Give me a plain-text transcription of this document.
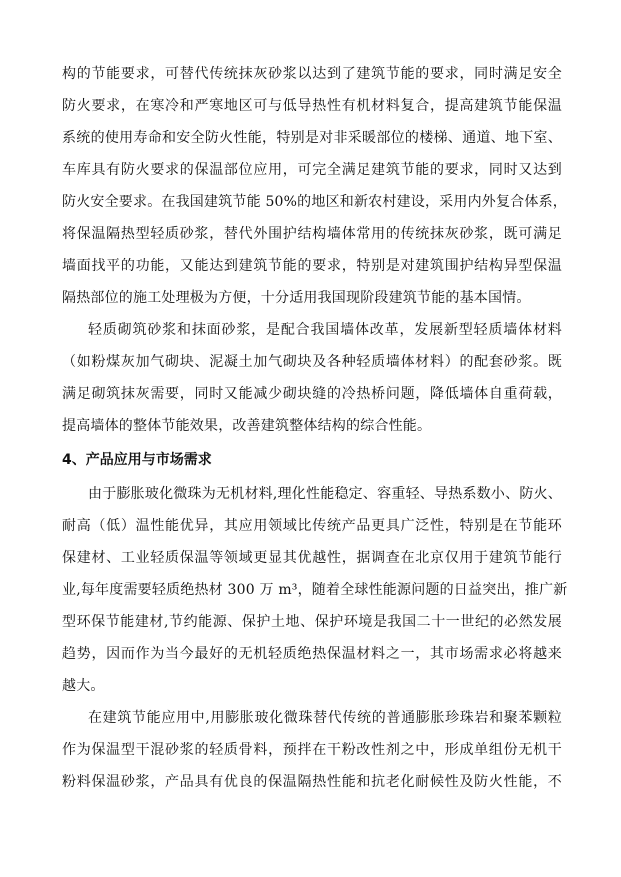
构的节能要求，可替代传统抹灰砂浆以达到了建筑节能的要求，同时满足安全
防火要求，在寒冷和严寒地区可与低导热性有机材料复合，提高建筑节能保温
系统的使用寿命和安全防火性能，特别是对非采暖部位的楼梯、通道、地下室、
车库具有防火要求的保温部位应用，可完全满足建筑节能的要求，同时又达到
防火安全要求。在我国建筑节能 50%的地区和新农村建设，采用内外复合体系，
将保温隔热型轻质砂浆，替代外围护结构墙体常用的传统抹灰砂浆，既可满足
墙面找平的功能，又能达到建筑节能的要求，特别是对建筑围护结构异型保温
隔热部位的施工处理极为方便，十分适用我国现阶段建筑节能的基本国情。
轻质砌筑砂浆和抹面砂浆，是配合我国墙体改革，发展新型轻质墙体材料
（如粉煤灰加气砌块、泥凝土加气砌块及各种轻质墙体材料）的配套砂浆。既
满足砌筑抹灰需要，同时又能减少砌块缝的冷热桥问题，降低墙体自重荷载，
提高墙体的整体节能效果，改善建筑整体结构的综合性能。
4、产品应用与市场需求
由于膨胀玻化微珠为无机材料,理化性能稳定、容重轻、导热系数小、防火、
耐高（低）温性能优异，其应用领域比传统产品更具广泛性，特别是在节能环
保建材、工业轻质保温等领域更显其优越性，据调查在北京仅用于建筑节能行
业,每年度需要轻质绝热材 300 万 m³，随着全球性能源问题的日益突出，推广新
型环保节能建材,节约能源、保护土地、保护环境是我国二十一世纪的必然发展
趋势，因而作为当今最好的无机轻质绝热保温材料之一，其市场需求必将越来
越大。
在建筑节能应用中,用膨胀玻化微珠替代传统的普通膨胀珍珠岩和聚苯颗粒
作为保温型干混砂浆的轻质骨料，预拌在干粉改性剂之中，形成单组份无机干
粉料保温砂浆，产品具有优良的保温隔热性能和抗老化耐候性及防火性能，不
